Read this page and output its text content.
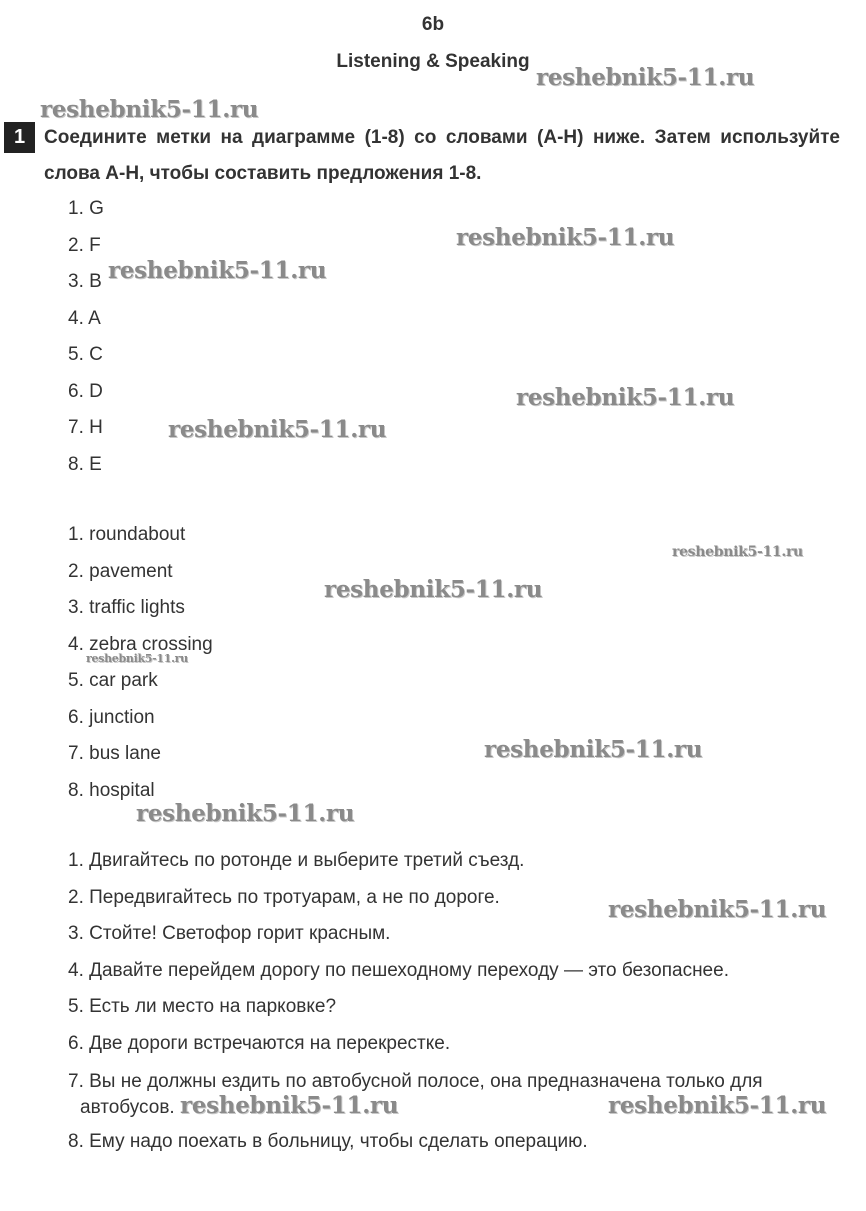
6b
Listening & Speaking
1 Соедините метки на диаграмме (1-8) со словами (A-H) ниже. Затем используйте слова A-H, чтобы составить предложения 1-8.

1. G
2. F
3. B
4. A
5. C
6. D
7. H
8. E
1. roundabout
2. pavement
3. traffic lights
4. zebra crossing
5. car park
6. junction
7. bus lane
8. hospital
1. Двигайтесь по ротонде и выберите третий съезд.
2. Передвигайтесь по тротуарам, а не по дороге.
3. Стойте! Светофор горит красным.
4. Давайте перейдем дорогу по пешеходному переходу — это безопаснее.
5. Есть ли место на парковке?
6. Две дороги встречаются на перекрестке.
7. Вы не должны ездить по автобусной полосе, она предназначена только для
автобусов.
8. Ему надо поехать в больницу, чтобы сделать операцию.
reshebnik5-11.ru
reshebnik5-11.ru
reshebnik5-11.ru
reshebnik5-11.ru
reshebnik5-11.ru
reshebnik5-11.ru
reshebnik5-11.ru
reshebnik5-11.ru
reshebnik5-11.ru
reshebnik5-11.ru
reshebnik5-11.ru
reshebnik5-11.ru
reshebnik5-11.ru	reshebnik5-11.ru
